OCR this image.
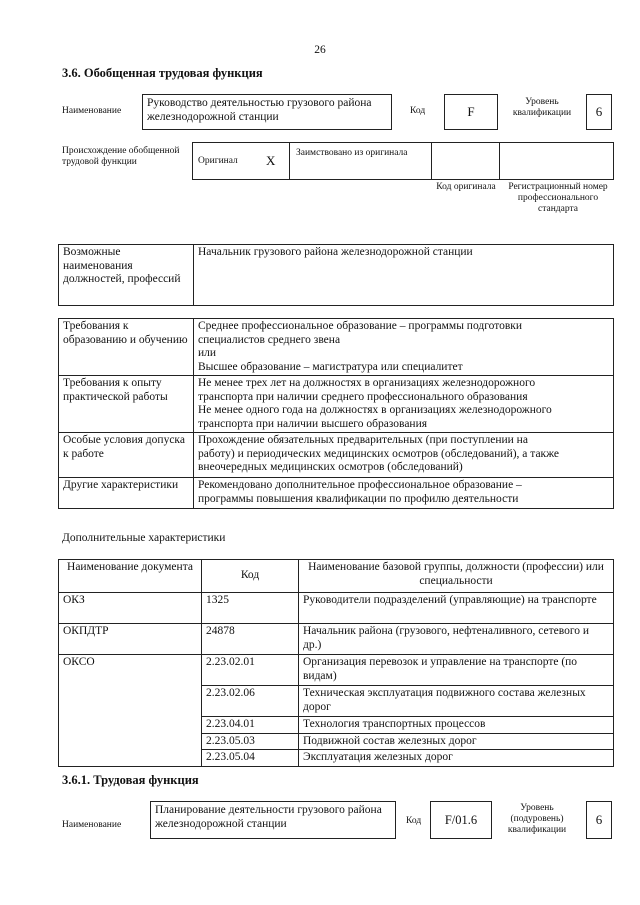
26
3.6. Обобщенная трудовая функция
Наименование
Руководство деятельностью грузового района железнодорожной станции	Код	F
Уровень квалификации	6
Происхождение обобщенной трудовой функции	Оригинал X Заимствовано из оригинала
Код оригинала Регистрационный номер профессионального стандарта
Возможные наименования должностей, профессий	Начальник грузового района железнодорожной станции
Требования к образованию и обучению	Среднее профессиональное образование – программы подготовки
специалистов среднего звена
или
Высшее образование – магистратура или специалитет

Требования к опыту практической работы	Не менее трех лет на должностях в организациях железнодорожного
транспорта при наличии среднего профессионального образования
Не менее одного года на должностях в организациях железнодорожного
транспорта при наличии высшего образования

Особые условия допуска к работе	Прохождение обязательных предварительных (при поступлении на
работу) и периодических медицинских осмотров (обследований), а также
внеочередных медицинских осмотров (обследований)

Другие характеристики	Рекомендовано дополнительное профессиональное образование –
программы повышения квалификации по профилю деятельности
Дополнительные характеристики
Наименование документа	Код	Наименование базовой группы, должности (профессии) или специальности
ОКЗ	1325	Руководители подразделений (управляющие) на транспорте
ОКПДТР	24878	Начальник района (грузового, нефтеналивного, сетевого и др.)
ОКСО	2.23.02.01	Организация перевозок и управление на транспорте (по видам)
	2.23.02.06	Техническая эксплуатация подвижного состава железных дорог
	2.23.04.01	Технология транспортных процессов
	2.23.05.03	Подвижной состав железных дорог
	2.23.05.04	Эксплуатация железных дорог
3.6.1. Трудовая функция
Наименование
Планирование деятельности грузового района железнодорожной станции	Код	F/01.6
Уровень (подуровень) квалификации
6
